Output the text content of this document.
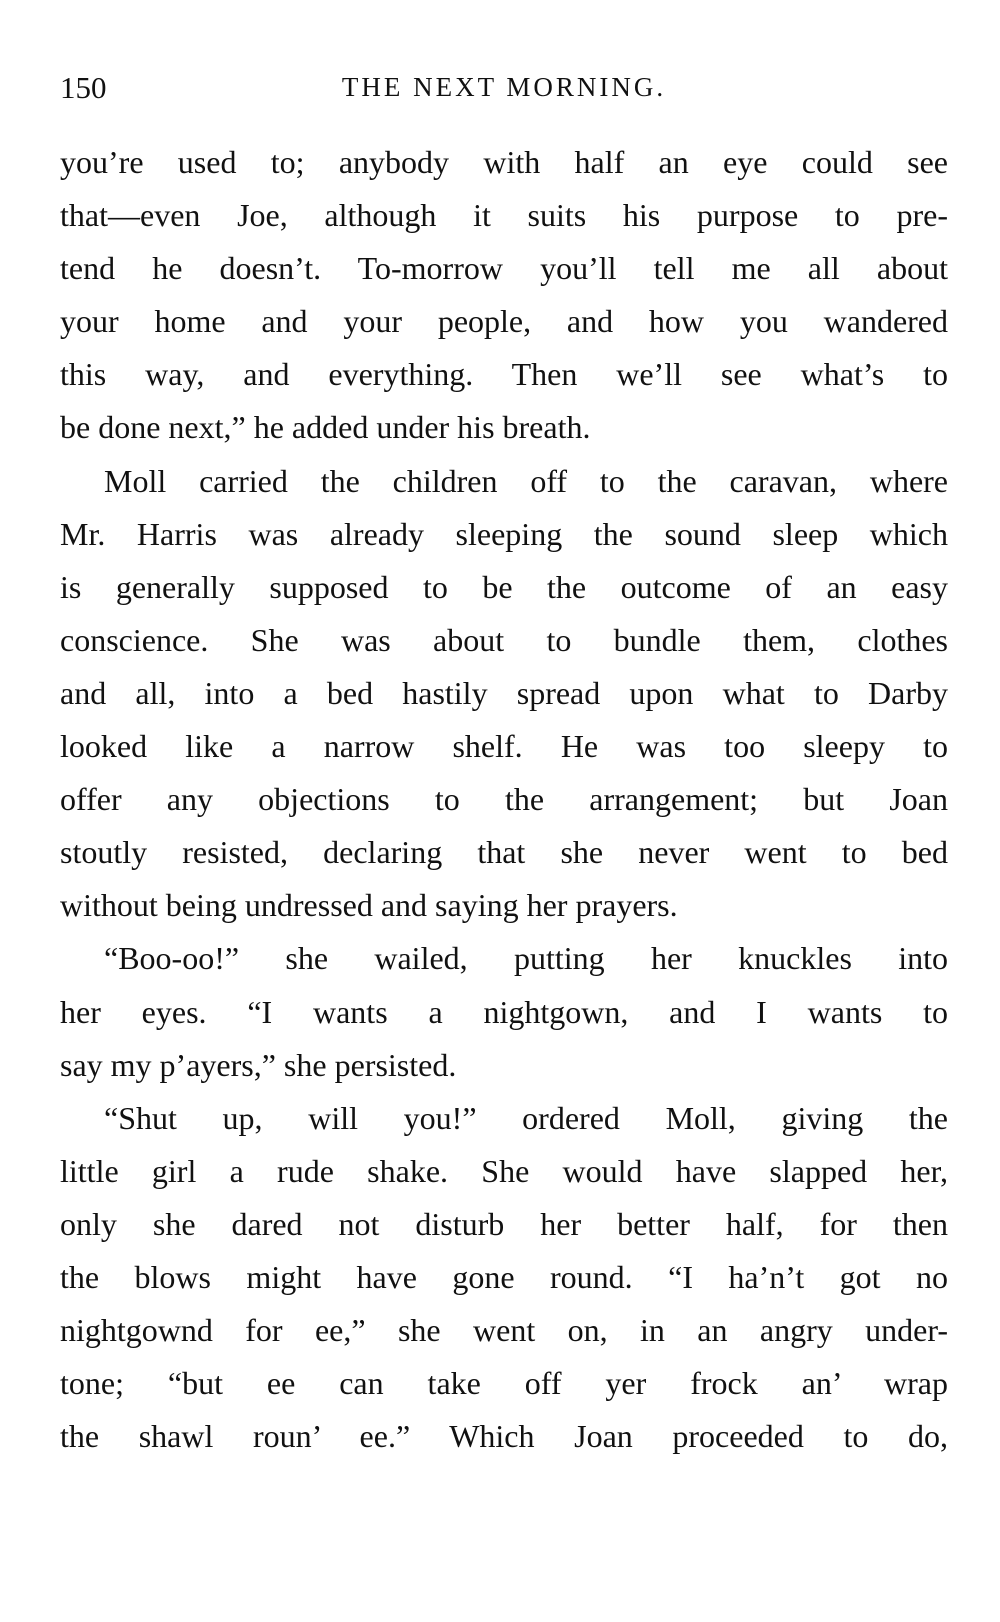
150	THE NEXT MORNING.
you’re used to; anybody with half an eye could see
that—even Joe, although it suits his purpose to pre-
tend he doesn’t. To-morrow you’ll tell me all about
your home and your people, and how you wandered
this way, and everything. Then we’ll see what’s to
be done next,” he added under his breath.
Moll carried the children off to the caravan, where
Mr. Harris was already sleeping the sound sleep which
is generally supposed to be the outcome of an easy
conscience. She was about to bundle them, clothes
and all, into a bed hastily spread upon what to Darby
looked like a narrow shelf. He was too sleepy to
offer any objections to the arrangement; but Joan
stoutly resisted, declaring that she never went to bed
without being undressed and saying her prayers.
“Boo-oo!” she wailed, putting her knuckles into
her eyes. “I wants a nightgown, and I wants to
say my p’ayers,” she persisted.
“Shut up, will you!” ordered Moll, giving the
little girl a rude shake. She would have slapped her,
only she dared not disturb her better half, for then
the blows might have gone round. “I ha’n’t got no
nightgownd for ee,” she went on, in an angry under-
tone; “but ee can take off yer frock an’ wrap
the shawl roun’ ee.” Which Joan proceeded to do,
